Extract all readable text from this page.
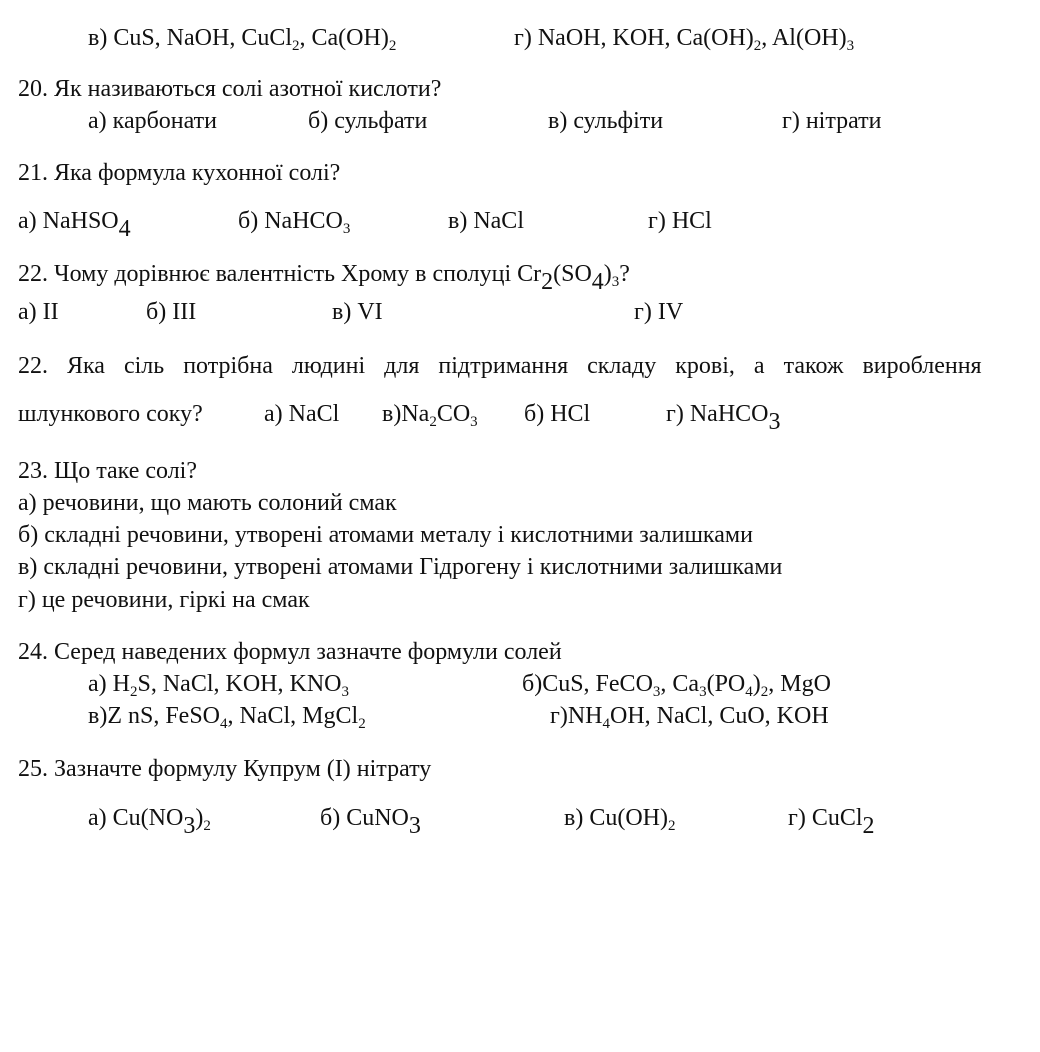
в) CuS, NaOH, CuCl$_2$, $Ca(OH)_2$	г) NaOH, KOH, $Ca(OH)_2$, $Al(OH)_3$
20. Як називаються солі азотної кислоти?
а) карбонати	б) сульфати	в) сульфіти	г) нітрати
21. Яка формула кухонної солі?
а) NaHSO$_4$	б) NaHCO$_3$	в) NaCl	г) HCl
22. Чому дорівнює валентність Хрому в сполуці $Cr_2(SO_4)_3$?
а) II	б) III	в) VI	г) IV
22. Яка сіль потрібна людині для підтримання складу крові, а також вироблення
шлункового соку?	а) NaCl $в)Na_2CO_3$ б) HCl	г) NaHCO$_3$
23. Що таке солі?
а) речовини, що мають солоний смак
б) складні речовини, утворені атомами металу і кислотними залишками
в) складні речовини, утворені атомами Гідрогену і кислотними залишками
г) це речовини, гіркі на смак
24. Серед наведених формул зазначте формули солей
а) $H_2S$, NaCl, KOH, $KNO_3$	б)CuS, FeCO$_3$, $Ca_3(PO_4)_2$, MgO
в)Z nS, FeSO$_4$, NaCl, MgCl$_2$	$г)NH_4OH$, NaCl, CuO, KOH
25. Зазначте формулу Купрум (І) нітрату
а) $Cu(NO_3)_2$	б) CuNO$_3$	в) $Cu(OH)_2$	г) CuCl$_2$
